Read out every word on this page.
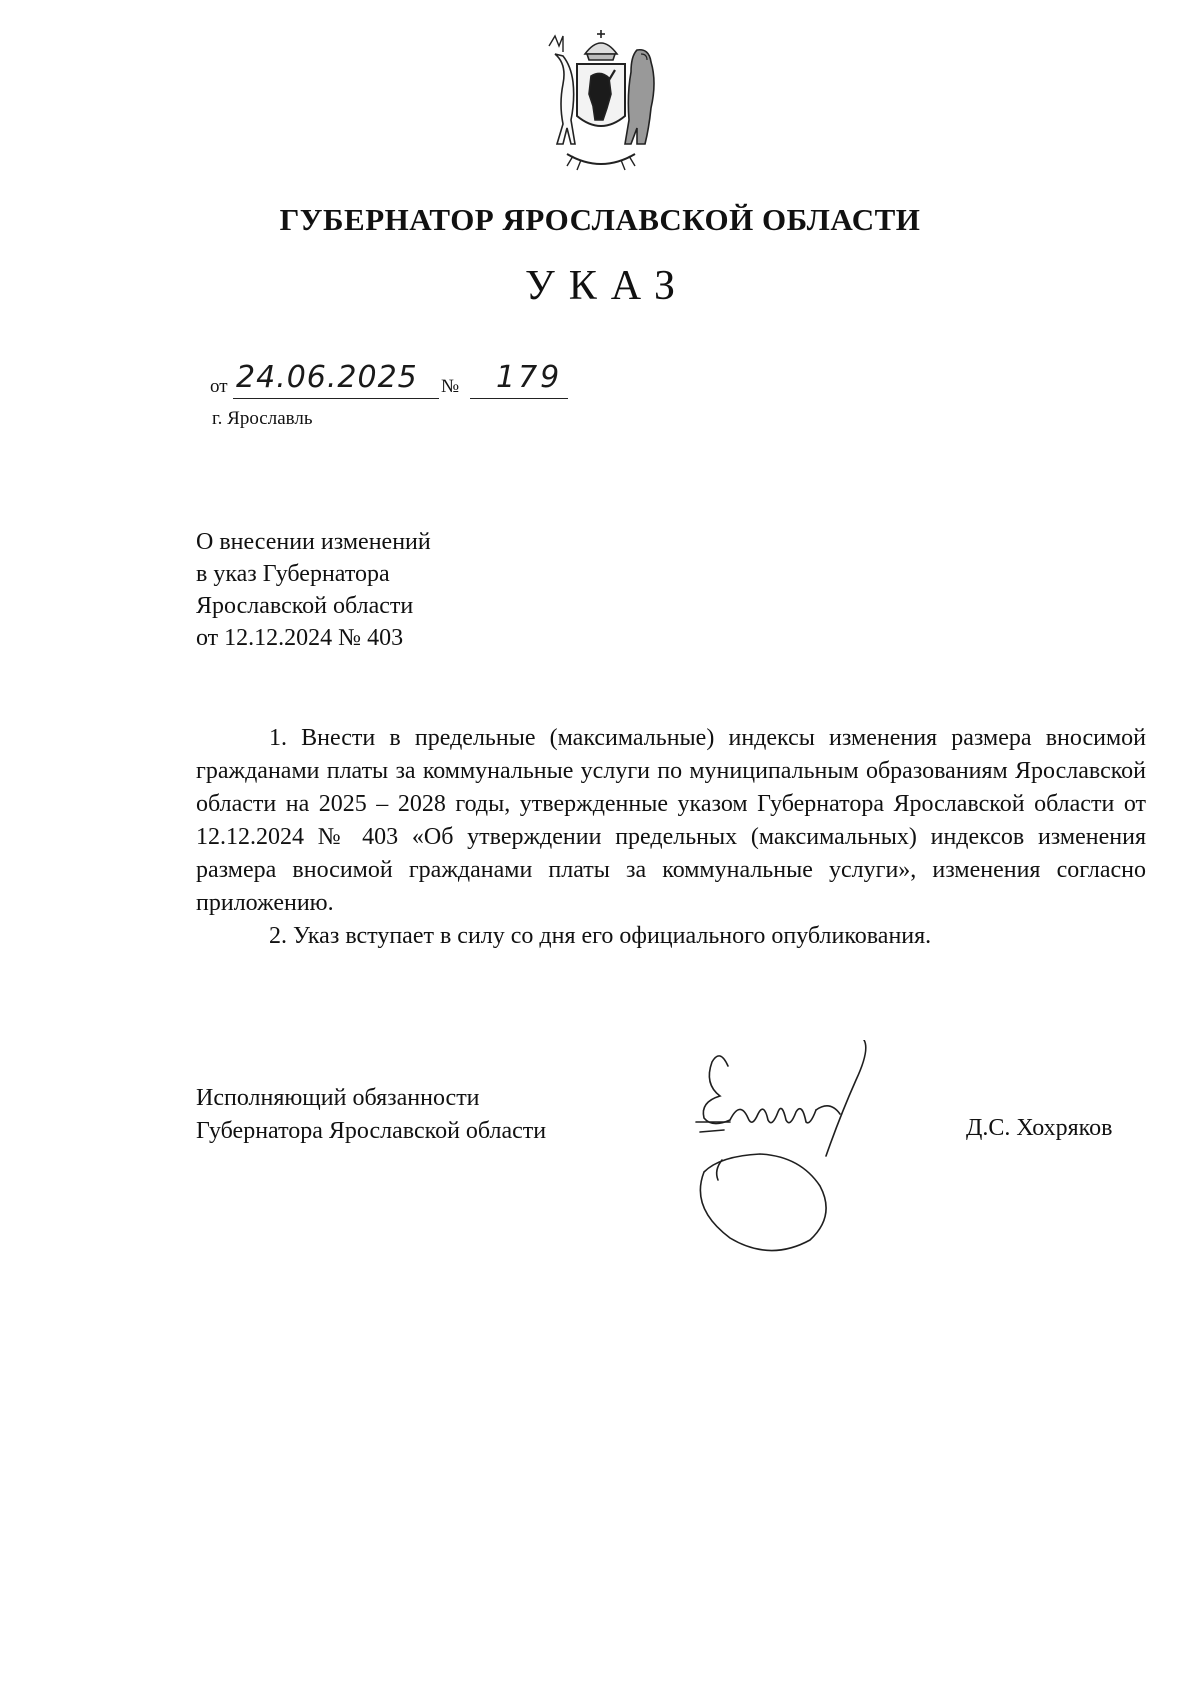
ГУБЕРНАТОР ЯРОСЛАВСКОЙ ОБЛАСТИ
УКАЗ
от 24.06.2025 № 179
г. Ярославль
О внесении изменений
в указ Губернатора
Ярославской области
от 12.12.2024 № 403

1. Внести в предельные (максимальные) индексы изменения размера вносимой гражданами платы за коммунальные услуги по муниципальным образованиям Ярославской области на 2025 – 2028 годы, утвержденные указом Губернатора Ярославской области от 12.12.2024 № 403 «Об утверждении предельных (максимальных) индексов изменения размера вносимой гражданами платы за коммунальные услуги», изменения согласно приложению.

2. Указ вступает в силу со дня его официального опубликования.

Исполняющий обязанности
Губернатора Ярославской области	Д.С. Хохряков
